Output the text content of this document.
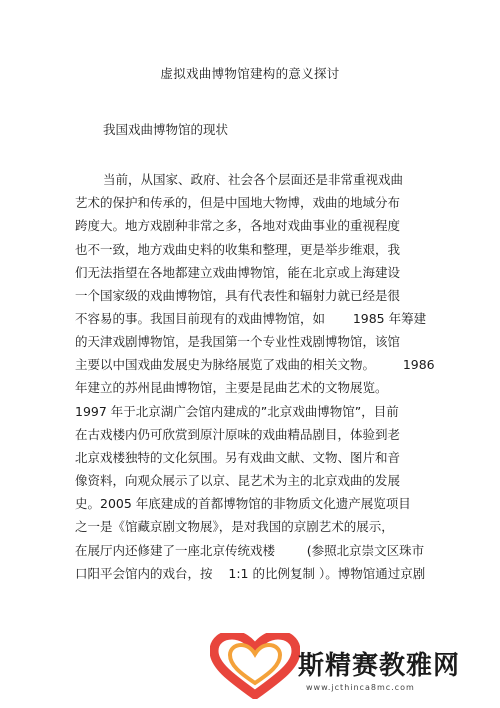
虚拟戏曲博物馆建构的意义探讨
我国戏曲博物馆的现状
当前，从国家、政府、社会各个层面还是非常重视戏曲
艺术的保护和传承的，但是中国地大物博，戏曲的地域分布
跨度大。地方戏剧种非常之多，各地对戏曲事业的重视程度
也不一致，地方戏曲史料的收集和整理，更是举步维艰，我
们无法指望在各地都建立戏曲博物馆，能在北京或上海建设
一个国家级的戏曲博物馆，具有代表性和辐射力就已经是很
不容易的事。我国目前现有的戏曲博物馆，如       1985 年筹建
的天津戏剧博物馆，是我国第一个专业性戏剧博物馆，该馆
主要以中国戏曲发展史为脉络展览了戏曲的相关文物。       1986
年建立的苏州昆曲博物馆，主要是昆曲艺术的文物展览。
1997 年于北京湖广会馆内建成的”北京戏曲博物馆”，目前
在古戏楼内仍可欣赏到原汁原味的戏曲精品剧目，体验到老
北京戏楼独特的文化氛围。另有戏曲文献、文物、图片和音
像资料，向观众展示了以京、昆艺术为主的北京戏曲的发展
史。2005 年底建成的首都博物馆的非物质文化遗产展览项目
之一是《馆藏京剧文物展》，是对我国的京剧艺术的展示，
在展厅内还修建了一座北京传统戏楼        (参照北京崇文区珠市
口阳平会馆内的戏台，按    1:1 的比例复制 ）。博物馆通过京剧
斯精赛教雅网
www.jcthinca8mc.com
